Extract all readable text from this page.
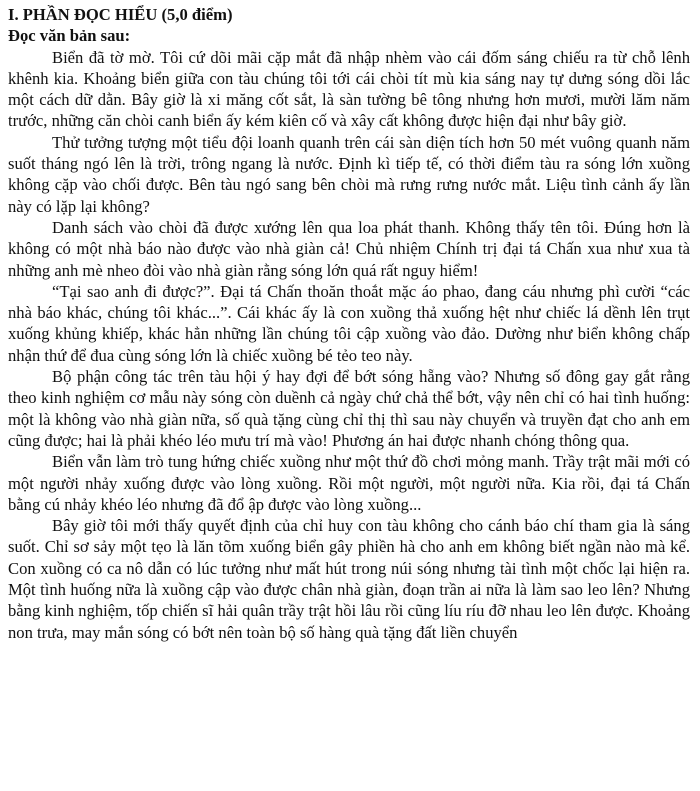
I. PHẦN ĐỌC HIỂU (5,0 điểm)

Đọc văn bản sau:

Biển đã tờ mờ. Tôi cứ dõi mãi cặp mắt đã nhập nhèm vào cái đốm sáng chiếu ra từ chỗ lênh khênh kia. Khoảng biển giữa con tàu chúng tôi tới cái chòi tít mù kia sáng nay tự dưng sóng dồi lắc một cách dữ dằn. Bây giờ là xi măng cốt sắt, là sàn tường bê tông nhưng hơn mươi, mười lăm năm trước, những căn chòi canh biển ấy kém kiên cố và xây cất không được hiện đại như bây giờ.

Thử tưởng tượng một tiểu đội loanh quanh trên cái sàn diện tích hơn 50 mét vuông quanh năm suốt tháng ngó lên là trời, trông ngang là nước. Định kì tiếp tế, có thời điểm tàu ra sóng lớn xuồng không cặp vào chối được. Bên tàu ngó sang bên chòi mà rưng rưng nước mắt. Liệu tình cảnh ấy lần này có lặp lại không?

Danh sách vào chòi đã được xướng lên qua loa phát thanh. Không thấy tên tôi. Đúng hơn là không có một nhà báo nào được vào nhà giàn cả! Chủ nhiệm Chính trị đại tá Chấn xua như xua tà những anh mè nheo đòi vào nhà giàn rằng sóng lớn quá rất nguy hiểm!

“Tại sao anh đi được?”. Đại tá Chấn thoăn thoắt mặc áo phao, đang cáu nhưng phì cười “các nhà báo khác, chúng tôi khác...”. Cái khác ấy là con xuồng thả xuống hệt như chiếc lá dềnh lên trụt xuống khủng khiếp, khác hẳn những lần chúng tôi cập xuồng vào đảo. Dường như biển không chấp nhận thứ để đua cùng sóng lớn là chiếc xuồng bé tẻo teo này.

Bộ phận công tác trên tàu hội ý hay đợi để bớt sóng hẵng vào? Nhưng số đông gay gắt rằng theo kinh nghiệm cơ mẫu này sóng còn duềnh cả ngày chứ chả thể bớt, vậy nên chỉ có hai tình huống: một là không vào nhà giàn nữa, số quà tặng cùng chỉ thị thì sau này chuyển và truyền đạt cho anh em cũng được; hai là phải khéo léo mưu trí mà vào! Phương án hai được nhanh chóng thông qua.

Biển vẫn làm trò tung hứng chiếc xuồng như một thứ đồ chơi mỏng manh. Trầy trật mãi mới có một người nhảy xuống được vào lòng xuồng. Rồi một người, một người nữa. Kia rồi, đại tá Chấn bằng cú nhảy khéo léo nhưng đã đổ ập được vào lòng xuồng...

Bây giờ tôi mới thấy quyết định của chỉ huy con tàu không cho cánh báo chí tham gia là sáng suốt. Chỉ sơ sảy một tẹo là lăn tõm xuống biển gây phiền hà cho anh em không biết ngần nào mà kể. Con xuồng có ca nô dẫn có lúc tưởng như mất hút trong núi sóng nhưng tài tình một chốc lại hiện ra. Một tình huống nữa là xuồng cập vào được chân nhà giàn, đoạn trần ai nữa là làm sao leo lên? Nhưng bằng kinh nghiệm, tốp chiến sĩ hải quân trầy trật hồi lâu rồi cũng líu ríu đỡ nhau leo lên được. Khoảng non trưa, may mắn sóng có bớt nên toàn bộ số hàng quà tặng đất liền chuyển
